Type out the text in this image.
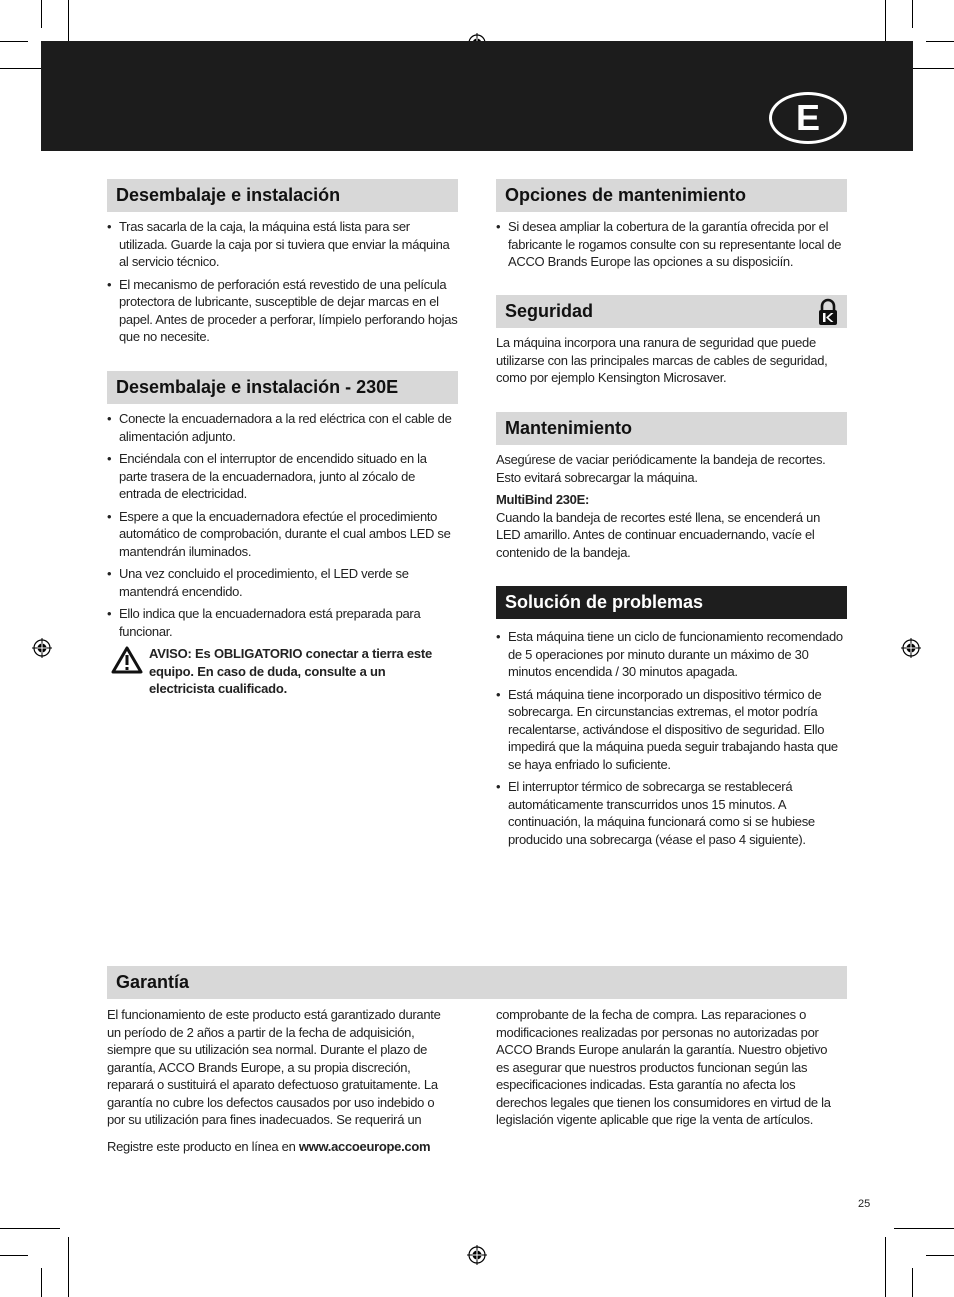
E
Desembalaje e instalación
• Tras sacarla de la caja, la máquina está lista para ser utilizada. Guarde la caja por si tuviera que enviar la máquina al servicio técnico.
• El mecanismo de perforación está revestido de una película protectora de lubricante, susceptible de dejar marcas en el papel. Antes de proceder a perforar, límpielo perforando hojas que no necesite.
Desembalaje e instalación - 230E
• Conecte la encuadernadora a la red eléctrica con el cable de alimentación adjunto.
• Enciéndala con el interruptor de encendido situado en la parte trasera de la encuadernadora, junto al zócalo de entrada de electricidad.
• Espere a que la encuadernadora efectúe el procedimiento automático de comprobación, durante el cual ambos LED se mantendrán iluminados.
• Una vez concluido el procedimiento, el LED verde se mantendrá encendido.
• Ello indica que la encuadernadora está preparada para funcionar.
AVISO: Es OBLIGATORIO conectar a tierra este equipo. En caso de duda, consulte a un electricista cualificado.
Opciones de mantenimiento
• Si desea ampliar la cobertura de la garantía ofrecida por el fabricante le rogamos consulte con su representante local de ACCO Brands Europe las opciones a su disposiciín.
Seguridad

La máquina incorpora una ranura de seguridad que puede utilizarse con las principales marcas de cables de seguridad, como por ejemplo Kensington Microsaver.

Mantenimiento

Asegúrese de vaciar periódicamente la bandeja de recortes. Esto evitará sobrecargar la máquina.

MultiBind 230E:

Cuando la bandeja de recortes esté llena, se encenderá un LED amarillo. Antes de continuar encuadernando, vacíe el contenido de la bandeja.

Solución de problemas
• Esta máquina tiene un ciclo de funcionamiento recomendado de 5 operaciones por minuto durante un máximo de 30 minutos encendida / 30 minutos apagada.
• Está máquina tiene incorporado un dispositivo térmico de sobrecarga. En circunstancias extremas, el motor podría recalentarse, activándose el dispositivo de seguridad. Ello impedirá que la máquina pueda seguir trabajando hasta que se haya enfriado lo suficiente.
• El interruptor térmico de sobrecarga se restablecerá automáticamente transcurridos unos 15 minutos. A continuación, la máquina funcionará como si se hubiese producido una sobrecarga (véase el paso 4 siguiente).
Garantía

El funcionamiento de este producto está garantizado durante un período de 2 años a partir de la fecha de adquisición, siempre que su utilización sea normal. Durante el plazo de garantía, ACCO Brands Europe, a su propia discreción, reparará o sustituirá el aparato defectuoso gratuitamente. La garantía no cubre los defectos causados por uso indebido o por su utilización para fines inadecuados. Se requerirá un

Registre este producto en línea en www.accoeurope.com

comprobante de la fecha de compra. Las reparaciones o modificaciones realizadas por personas no autorizadas por ACCO Brands Europe anularán la garantía. Nuestro objetivo es asegurar que nuestros productos funcionan según las especificaciones indicadas. Esta garantía no afecta los derechos legales que tienen los consumidores en virtud de la legislación vigente aplicable que rige la venta de artículos.

25
